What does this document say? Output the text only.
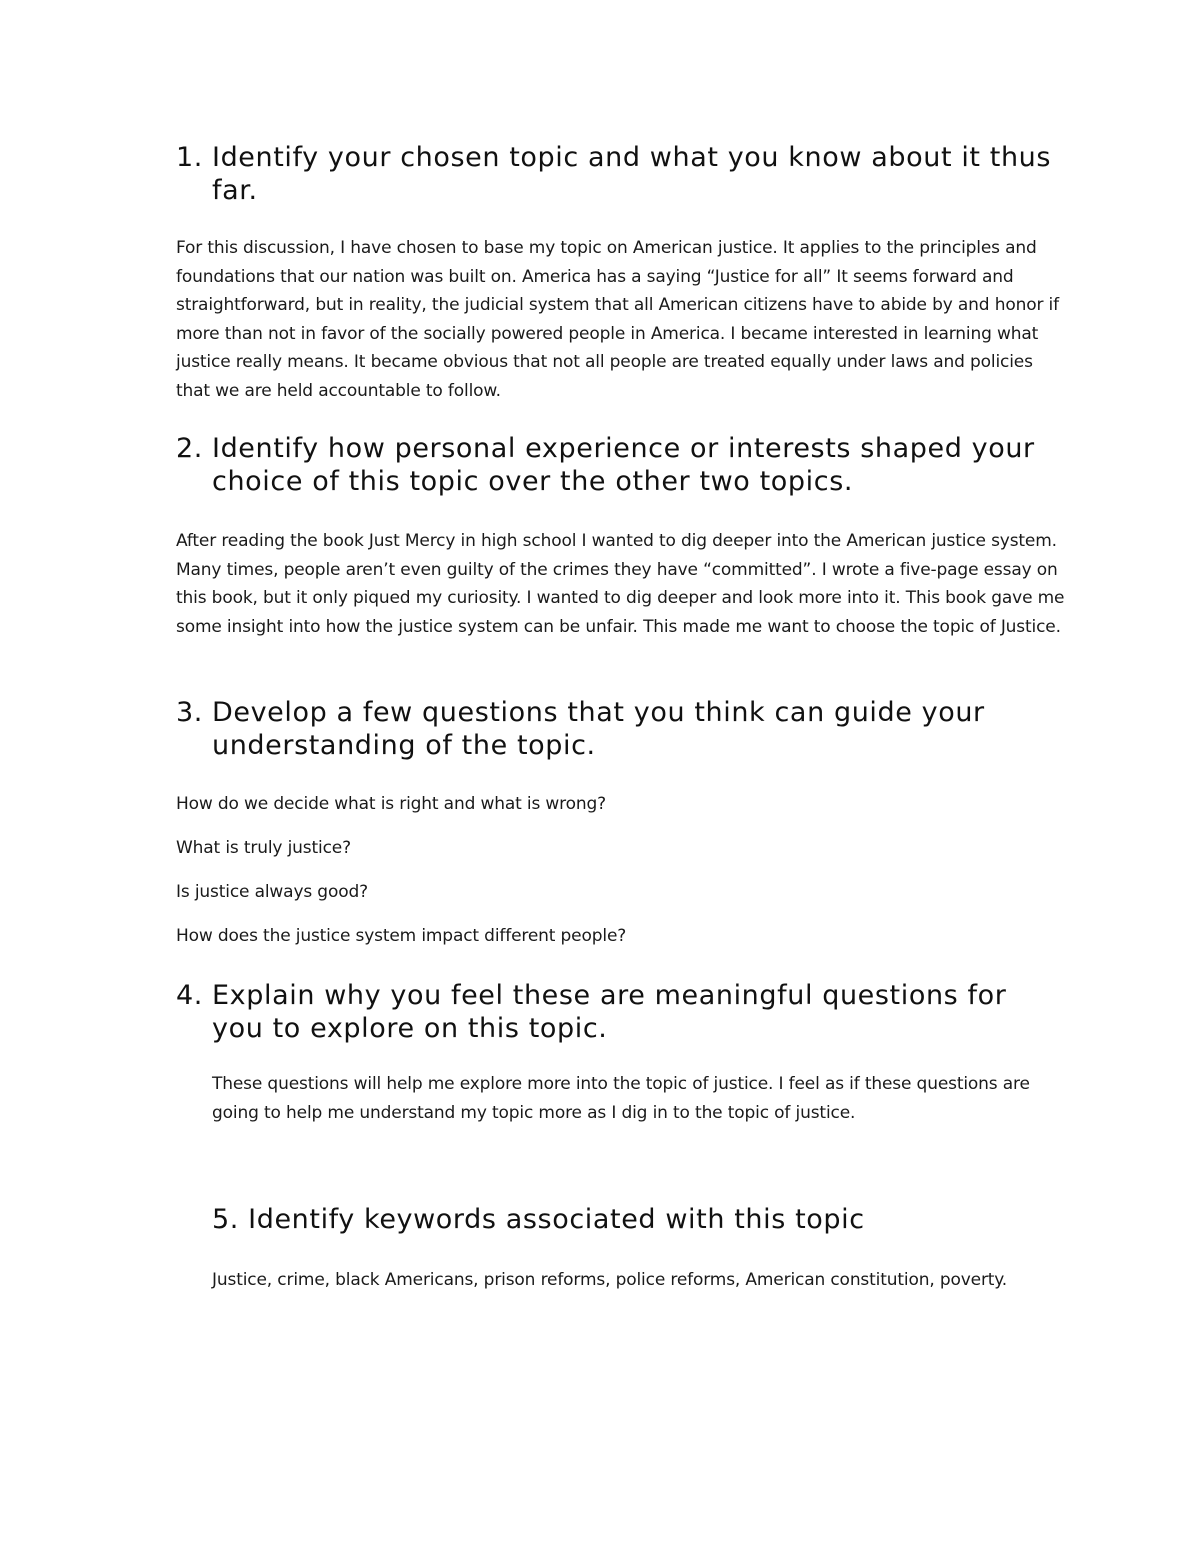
1. Identify your chosen topic and what you know about it thus far.

For this discussion, I have chosen to base my topic on American justice. It applies to the principles and foundations that our nation was built on. America has a saying “Justice for all” It seems forward and straightforward, but in reality, the judicial system that all American citizens have to abide by and honor if more than not in favor of the socially powered people in America. I became interested in learning what justice really means. It became obvious that not all people are treated equally under laws and policies that we are held accountable to follow.

2. Identify how personal experience or interests shaped your choice of this topic over the other two topics.

After reading the book Just Mercy in high school I wanted to dig deeper into the American justice system. Many times, people aren’t even guilty of the crimes they have “committed”. I wrote a five-page essay on this book, but it only piqued my curiosity. I wanted to dig deeper and look more into it. This book gave me some insight into how the justice system can be unfair. This made me want to choose the topic of Justice.

3. Develop a few questions that you think can guide your understanding of the topic.

How do we decide what is right and what is wrong?

What is truly justice?

Is justice always good?

How does the justice system impact different people?

4. Explain why you feel these are meaningful questions for you to explore on this topic.

These questions will help me explore more into the topic of justice. I feel as if these questions are going to help me understand my topic more as I dig in to the topic of justice.

5. Identify keywords associated with this topic

Justice, crime, black Americans, prison reforms, police reforms, American constitution, poverty.
